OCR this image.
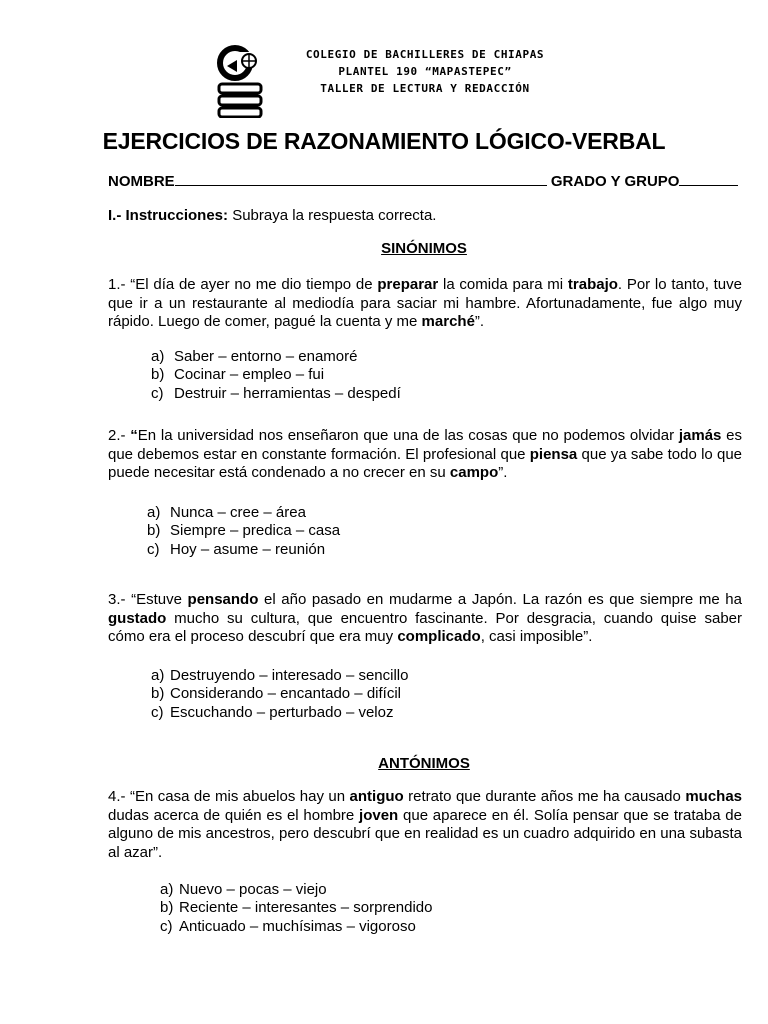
COLEGIO DE BACHILLERES DE CHIAPAS
PLANTEL 190 “MAPASTEPEC”
TALLER DE LECTURA Y REDACCIÓN
EJERCICIOS DE RAZONAMIENTO LÓGICO-VERBAL
NOMBRE	GRADO Y GRUPO
I.- Instrucciones: Subraya la respuesta correcta.
SINÓNIMOS
1.- “El día de ayer no me dio tiempo de preparar la comida para mi trabajo. Por lo tanto, tuve que ir a un restaurante al mediodía para saciar mi hambre. Afortunadamente, fue algo muy rápido. Luego de comer, pagué la cuenta y me marché”.
a) Saber – entorno – enamoré
b) Cocinar – empleo – fui
c) Destruir – herramientas – despedí
2.- “En la universidad nos enseñaron que una de las cosas que no podemos olvidar jamás es que debemos estar en constante formación. El profesional que piensa que ya sabe todo lo que puede necesitar está condenado a no crecer en su campo”.
a) Nunca – cree – área
b) Siempre – predica – casa
c) Hoy – asume – reunión
3.- “Estuve pensando el año pasado en mudarme a Japón. La razón es que siempre me ha gustado mucho su cultura, que encuentro fascinante. Por desgracia, cuando quise saber cómo era el proceso descubrí que era muy complicado, casi imposible”.
a) Destruyendo – interesado – sencillo
b) Considerando – encantado – difícil
c) Escuchando – perturbado – veloz
ANTÓNIMOS
4.- “En casa de mis abuelos hay un antiguo retrato que durante años me ha causado muchas dudas acerca de quién es el hombre joven que aparece en él. Solía pensar que se trataba de alguno de mis ancestros, pero descubrí que en realidad es un cuadro adquirido en una subasta al azar”.
a) Nuevo – pocas – viejo
b) Reciente – interesantes – sorprendido
c) Anticuado – muchísimas – vigoroso
